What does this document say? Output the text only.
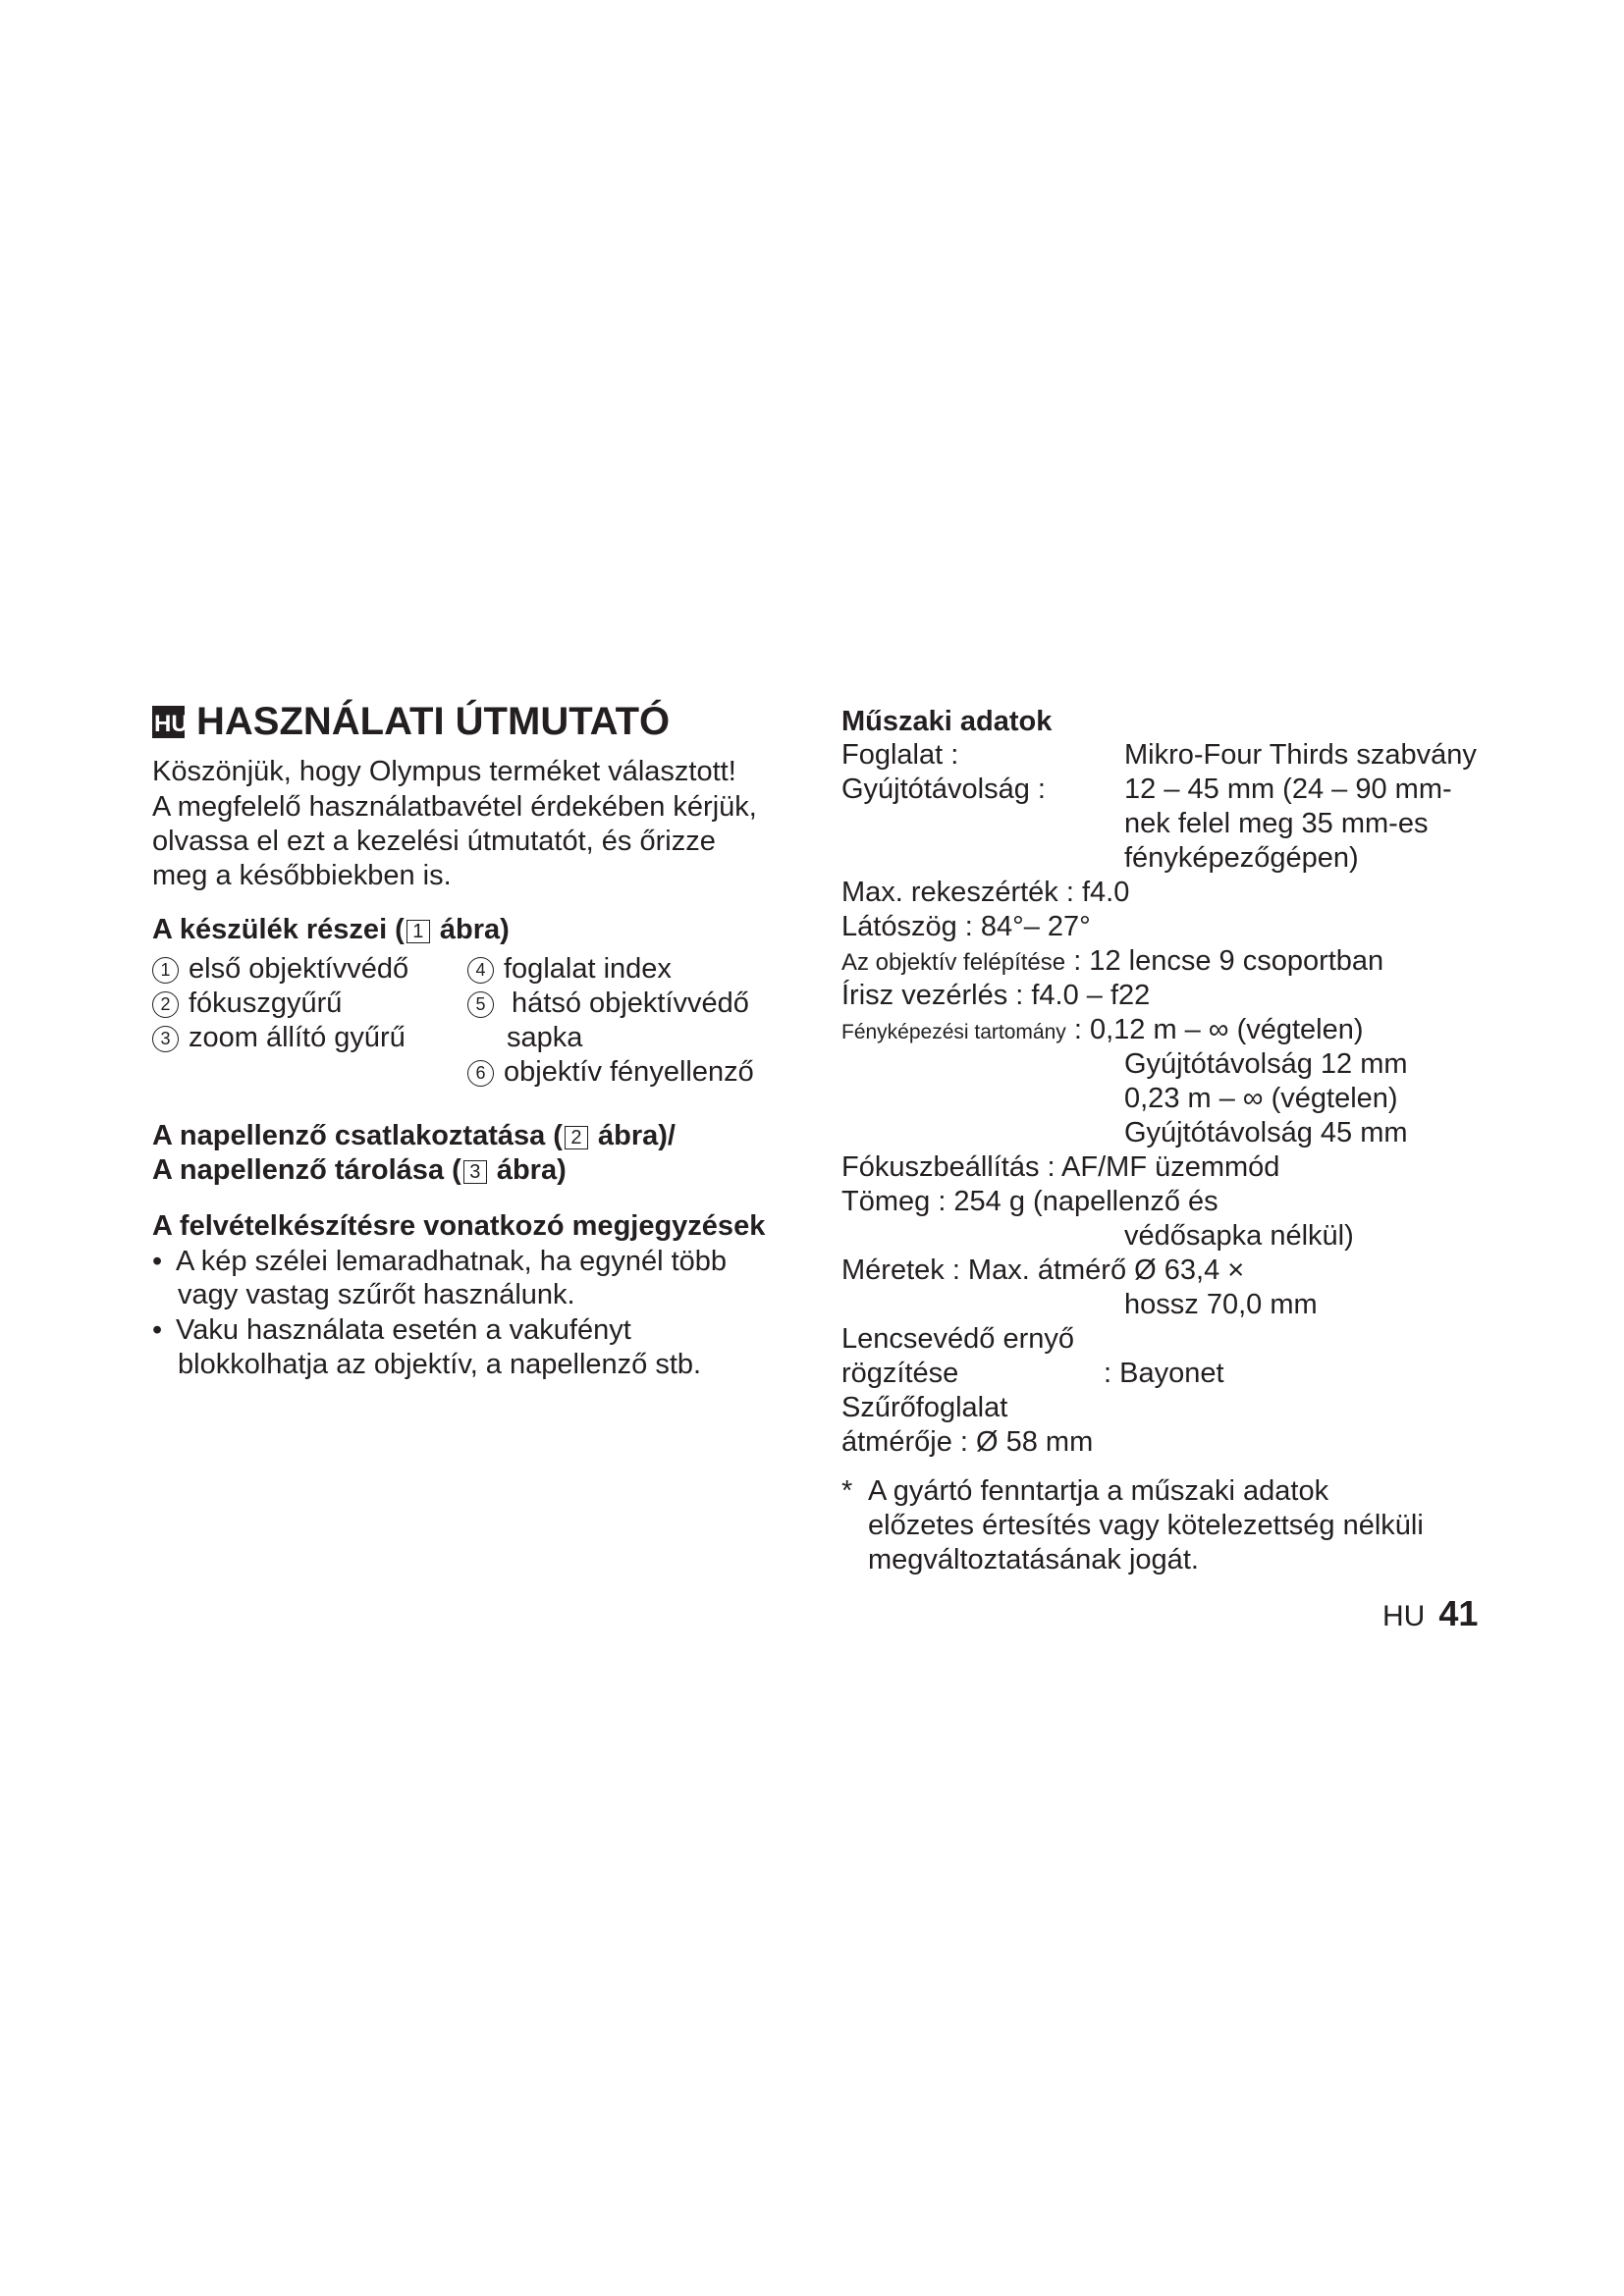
HU HASZNÁLATI ÚTMUTATÓ
Köszönjük, hogy Olympus terméket választott!
A megfelelő használatbavétel érdekében kérjük,
olvassa el ezt a kezelési útmutatót, és őrizze
meg a későbbiekben is.
A készülék részei ( 1 ábra)
1 első objektívvédő
2 fókuszgyűrű
3 zoom állító gyűrű
4 foglalat index
5 hátsó objektívvédő
sapka
6 objektív fényellenző
A napellenző csatlakoztatása ( 2 ábra)/
A napellenző tárolása ( 3 ábra)
A felvételkészítésre vonatkozó megjegyzések
• A kép szélei lemaradhatnak, ha egynél több
vagy vastag szűrőt használunk.
• Vaku használata esetén a vakufényt
blokkolhatja az objektív, a napellenző stb.
Műszaki adatok
Foglalat :	Mikro-Four Thirds szabvány
Gyújtótávolság :	12 – 45 mm (24 – 90 mm-
nek felel meg 35 mm-es
fényképezőgépen)
Max. rekeszérték : f4.0
Látószög : 84°– 27°
Az objektív felépítése : 12 lencse 9 csoportban
Írisz vezérlés : f4.0 – f22
Fényképezési tartomány : 0,12 m – ∞ (végtelen)
Gyújtótávolság 12 mm
0,23 m – ∞ (végtelen)
Gyújtótávolság 45 mm
Fókuszbeállítás : AF/MF üzemmód
Tömeg : 254 g (napellenző és
védősapka nélkül)
Méretek : Max. átmérő Ø 63,4 ×
hossz 70,0 mm
Lencsevédő ernyő
rögzítése	: Bayonet
Szűrőfoglalat
átmérője : Ø 58 mm
* A gyártó fenntartja a műszaki adatok
előzetes értesítés vagy kötelezettség nélküli
megváltoztatásának jogát.
HU 41
